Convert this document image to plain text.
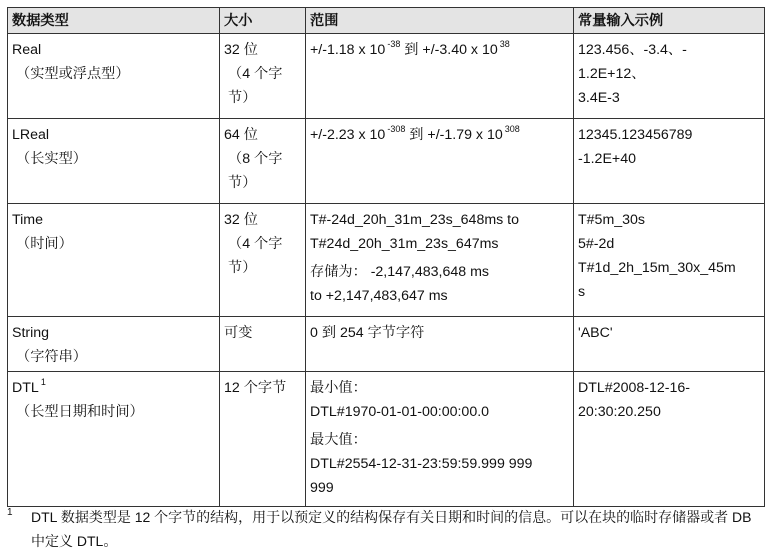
数据类型	大小	范围	常量输入示例

Real
（实型或浮点型）	32 位
（4 个字
节）	+/-1.18 x 10 $^{-38}$ 到 +/-3.40 x 10 $^{38}$	123.456、-3.4、-
1.2E+12、
3.4E-3

LReal
（长实型）	64 位
（8 个字
节）	+/-2.23 x 10 $^{-308}$ 到 +/-1.79 x 10 $^{308}$	12345.123456789
-1.2E+40

Time
（时间）	32 位
（4 个字
节）	T#-24d_20h_31m_23s_648ms to
T#24d_20h_31m_23s_647ms
存储为： -2,147,483,648 ms
to +2,147,483,647 ms	T#5m_30s
5#-2d
T#1d_2h_15m_30x_45m
s

String
（字符串）	可变	0 到 254 字节字符	'ABC'

DTL $^1$
（长型日期和时间）	12 个字节	最小值：
DTL#1970-01-01-00:00:00.0
最大值：
DTL#2554-12-31-23:59:59.999 999
999	DTL#2008-12-16-
20:30:20.250
1 DTL 数据类型是 12 个字节的结构，用于以预定义的结构保存有关日期和时间的信息。可以在块的临时存储器或者 DB 中定义 DTL。
